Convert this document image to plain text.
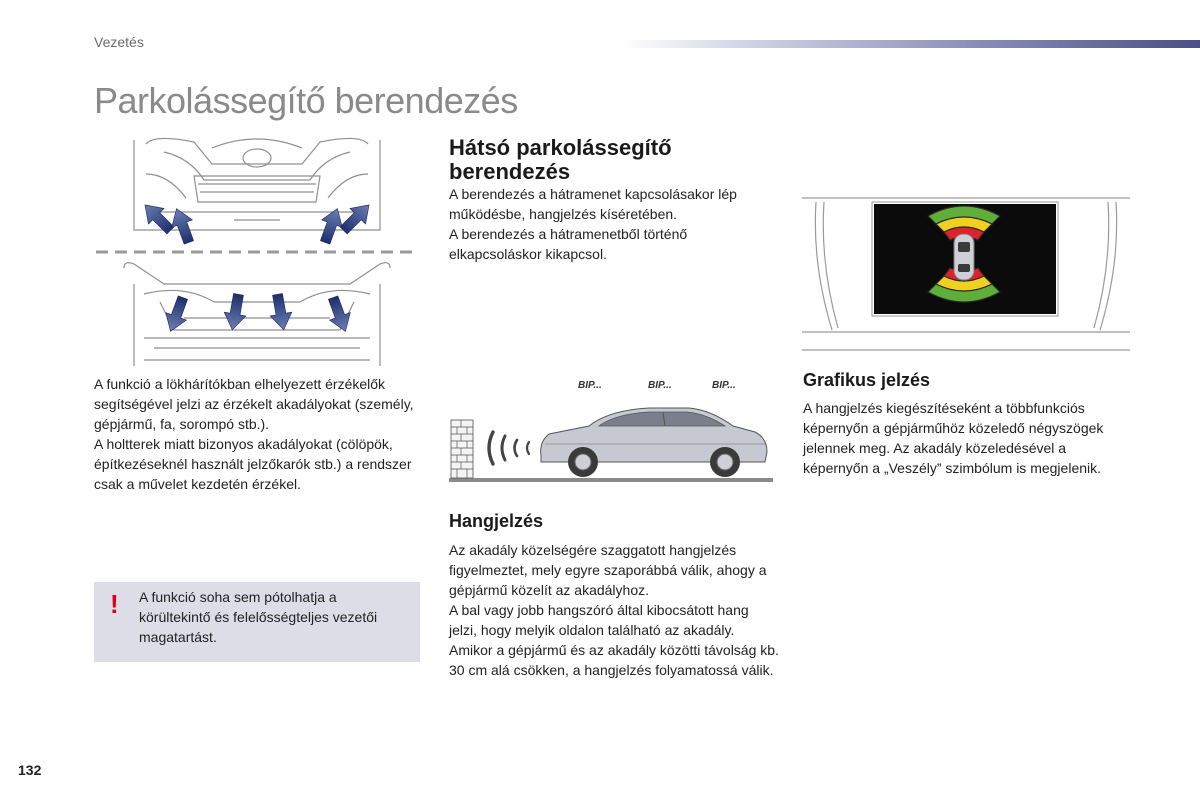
Vezetés
Parkolássegítő berendezés

A funkció a lökhárítókban elhelyezett érzékelők segítségével jelzi az érzékelt akadályokat (személy, gépjármű, fa, sorompó stb.).

A holtterek miatt bizonyos akadályokat (cölöpök, építkezéseknél használt jelzőkarók stb.) a rendszer csak a művelet kezdetén érzékel.

! A funkció soha sem pótolhatja a körültekintő és felelősségteljes vezetői magatartást.
Hátsó parkolássegítő berendezés

A berendezés a hátramenet kapcsolásakor lép működésbe, hangjelzés kíséretében.

A berendezés a hátramenetből történő elkapcsoláskor kikapcsol.

BIP...	BIP...	BIP...
Hangjelzés

Az akadály közelségére szaggatott hangjelzés figyelmeztet, mely egyre szaporábbá válik, ahogy a gépjármű közelít az akadályhoz.

A bal vagy jobb hangszóró által kibocsátott hang jelzi, hogy melyik oldalon található az akadály.

Amikor a gépjármű és az akadály közötti távolság kb. 30 cm alá csökken, a hangjelzés folyamatossá válik.

Grafikus jelzés
A hangjelzés kiegészítéseként a többfunkciós képernyőn a gépjárműhöz közeledő négyszögek jelennek meg. Az akadály közeledésével a képernyőn a „Veszély” szimbólum is megjelenik.
132
